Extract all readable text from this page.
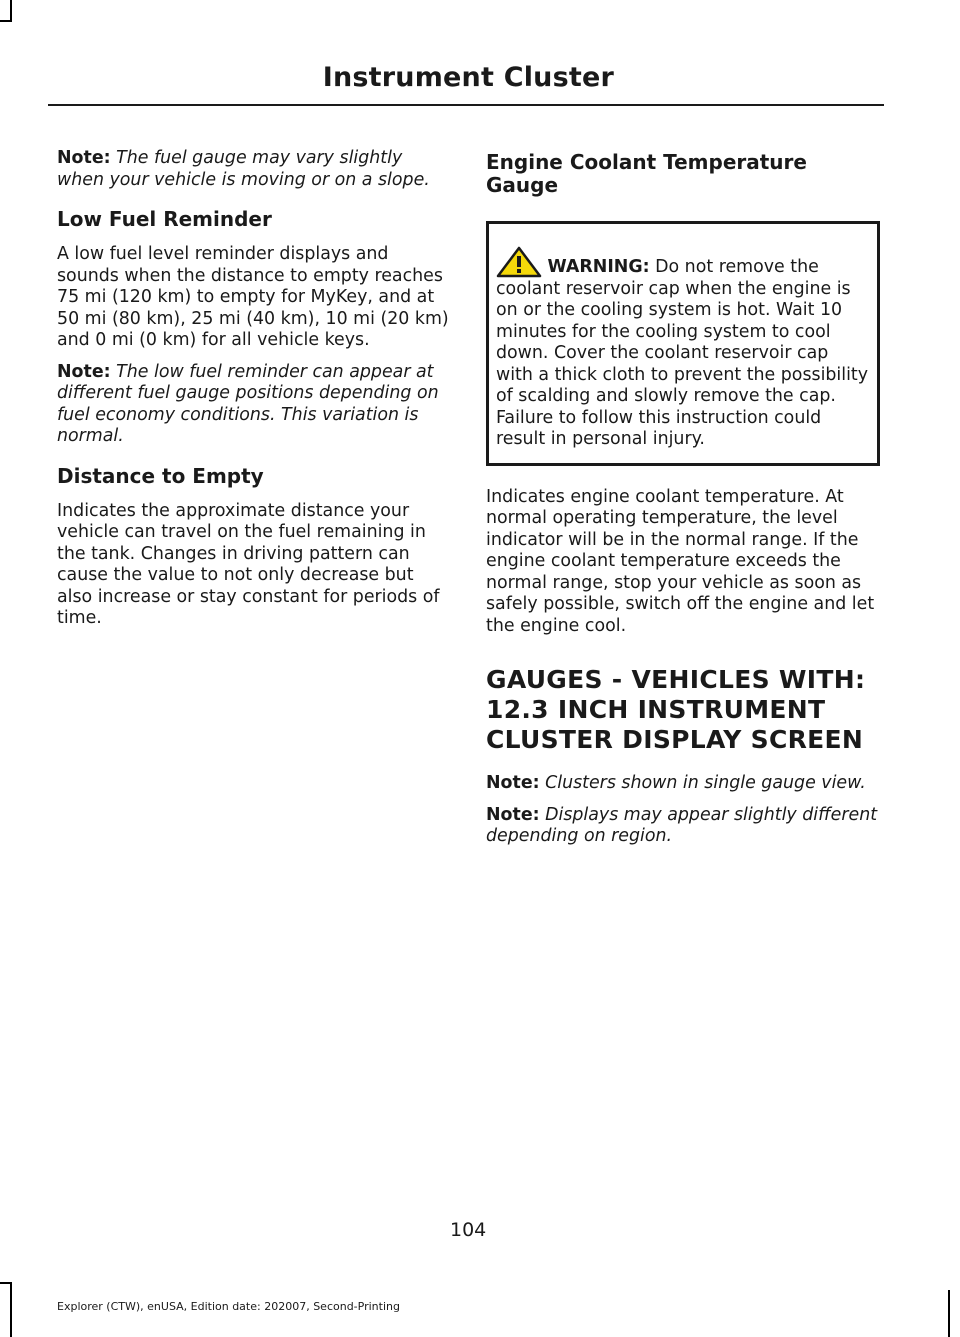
Instrument Cluster

Note: The fuel gauge may vary slightly when your vehicle is moving or on a slope.

Low Fuel Reminder

A low fuel level reminder displays and sounds when the distance to empty reaches 75 mi (120 km) to empty for MyKey, and at 50 mi (80 km), 25 mi (40 km), 10 mi (20 km) and 0 mi (0 km) for all vehicle keys.

Note: The low fuel reminder can appear at different fuel gauge positions depending on fuel economy conditions. This variation is normal.

Distance to Empty

Indicates the approximate distance your vehicle can travel on the fuel remaining in the tank. Changes in driving pattern can cause the value to not only decrease but also increase or stay constant for periods of time.

Engine Coolant Temperature Gauge

WARNING: Do not remove the coolant reservoir cap when the engine is on or the cooling system is hot. Wait 10 minutes for the cooling system to cool down. Cover the coolant reservoir cap with a thick cloth to prevent the possibility of scalding and slowly remove the cap. Failure to follow this instruction could result in personal injury.

Indicates engine coolant temperature. At normal operating temperature, the level indicator will be in the normal range. If the engine coolant temperature exceeds the normal range, stop your vehicle as soon as safely possible, switch off the engine and let the engine cool.

GAUGES - VEHICLES WITH:
12.3 INCH INSTRUMENT
CLUSTER DISPLAY SCREEN

Note: Clusters shown in single gauge view.

Note: Displays may appear slightly different depending on region.

104
Explorer (CTW), enUSA, Edition date: 202007, Second-Printing
